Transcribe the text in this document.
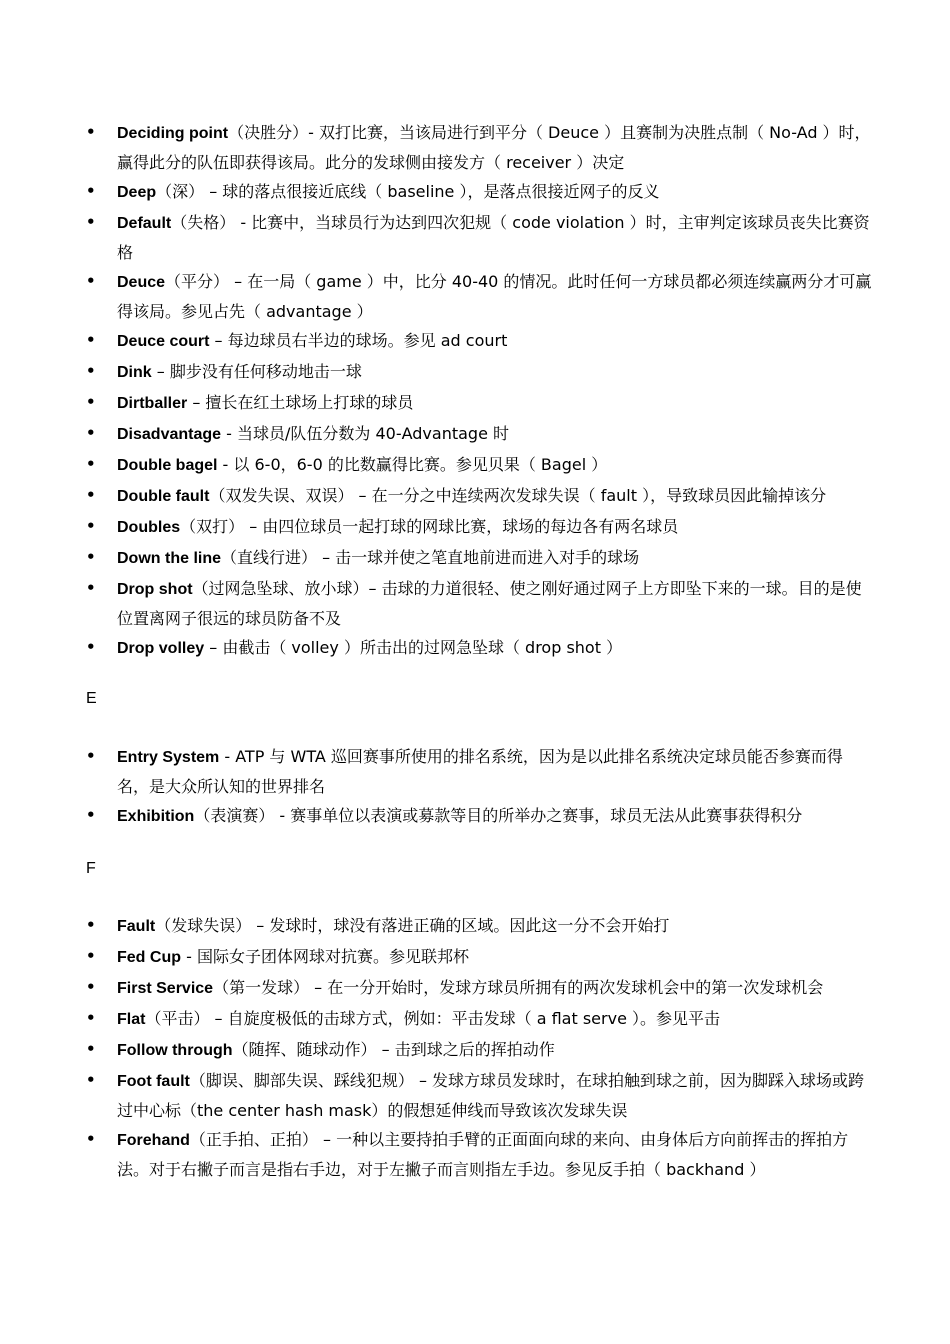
• Deciding point（决胜分）- 双打比赛，当该局进行到平分（ Deuce ）且赛制为决胜点制（ No-Ad ）时，赢得此分的队伍即获得该局。此分的发球侧由接发方（ receiver ）决定
• Deep（深） – 球的落点很接近底线（ baseline ），是落点很接近网子的反义
• Default（失格） - 比赛中，当球员行为达到四次犯规（ code violation ）时，主审判定该球员丧失比赛资格
• Deuce（平分） – 在一局（ game ）中，比分 40-40 的情况。此时任何一方球员都必须连续赢两分才可赢得该局。参见占先（ advantage ）
• Deuce court – 每边球员右半边的球场。参见 ad court
• Dink – 脚步没有任何移动地击一球
• Dirtballer – 擅长在红土球场上打球的球员
• Disadvantage - 当球员/队伍分数为 40-Advantage 时
• Double bagel - 以 6-0，6-0 的比数赢得比赛。参见贝果（ Bagel ）
• Double fault（双发失误、双误） – 在一分之中连续两次发球失误（ fault ），导致球员因此输掉该分
• Doubles（双打） – 由四位球员一起打球的网球比赛，球场的每边各有两名球员
• Down the line（直线行进） – 击一球并使之笔直地前进而进入对手的球场
• Drop shot（过网急坠球、放小球）– 击球的力道很轻、使之刚好通过网子上方即坠下来的一球。目的是使位置离网子很远的球员防备不及
• Drop volley – 由截击（ volley ）所击出的过网急坠球（ drop shot ）
E
• Entry System - ATP 与 WTA 巡回赛事所使用的排名系统，因为是以此排名系统决定球员能否参赛而得名，是大众所认知的世界排名
• Exhibition（表演赛） - 赛事单位以表演或募款等目的所举办之赛事，球员无法从此赛事获得积分
F
• Fault（发球失误） – 发球时，球没有落进正确的区域。因此这一分不会开始打
• Fed Cup - 国际女子团体网球对抗赛。参见联邦杯
• First Service（第一发球） – 在一分开始时，发球方球员所拥有的两次发球机会中的第一次发球机会
• Flat（平击） – 自旋度极低的击球方式，例如：平击发球（ a flat serve ）。参见平击
• Follow through（随挥、随球动作） – 击到球之后的挥拍动作
• Foot fault（脚误、脚部失误、踩线犯规） – 发球方球员发球时，在球拍触到球之前，因为脚踩入球场或跨过中心标（the center hash mask）的假想延伸线而导致该次发球失误
• Forehand（正手拍、正拍） – 一种以主要持拍手臂的正面面向球的来向、由身体后方向前挥击的挥拍方法。对于右撇子而言是指右手边，对于左撇子而言则指左手边。参见反手拍（ backhand ）
